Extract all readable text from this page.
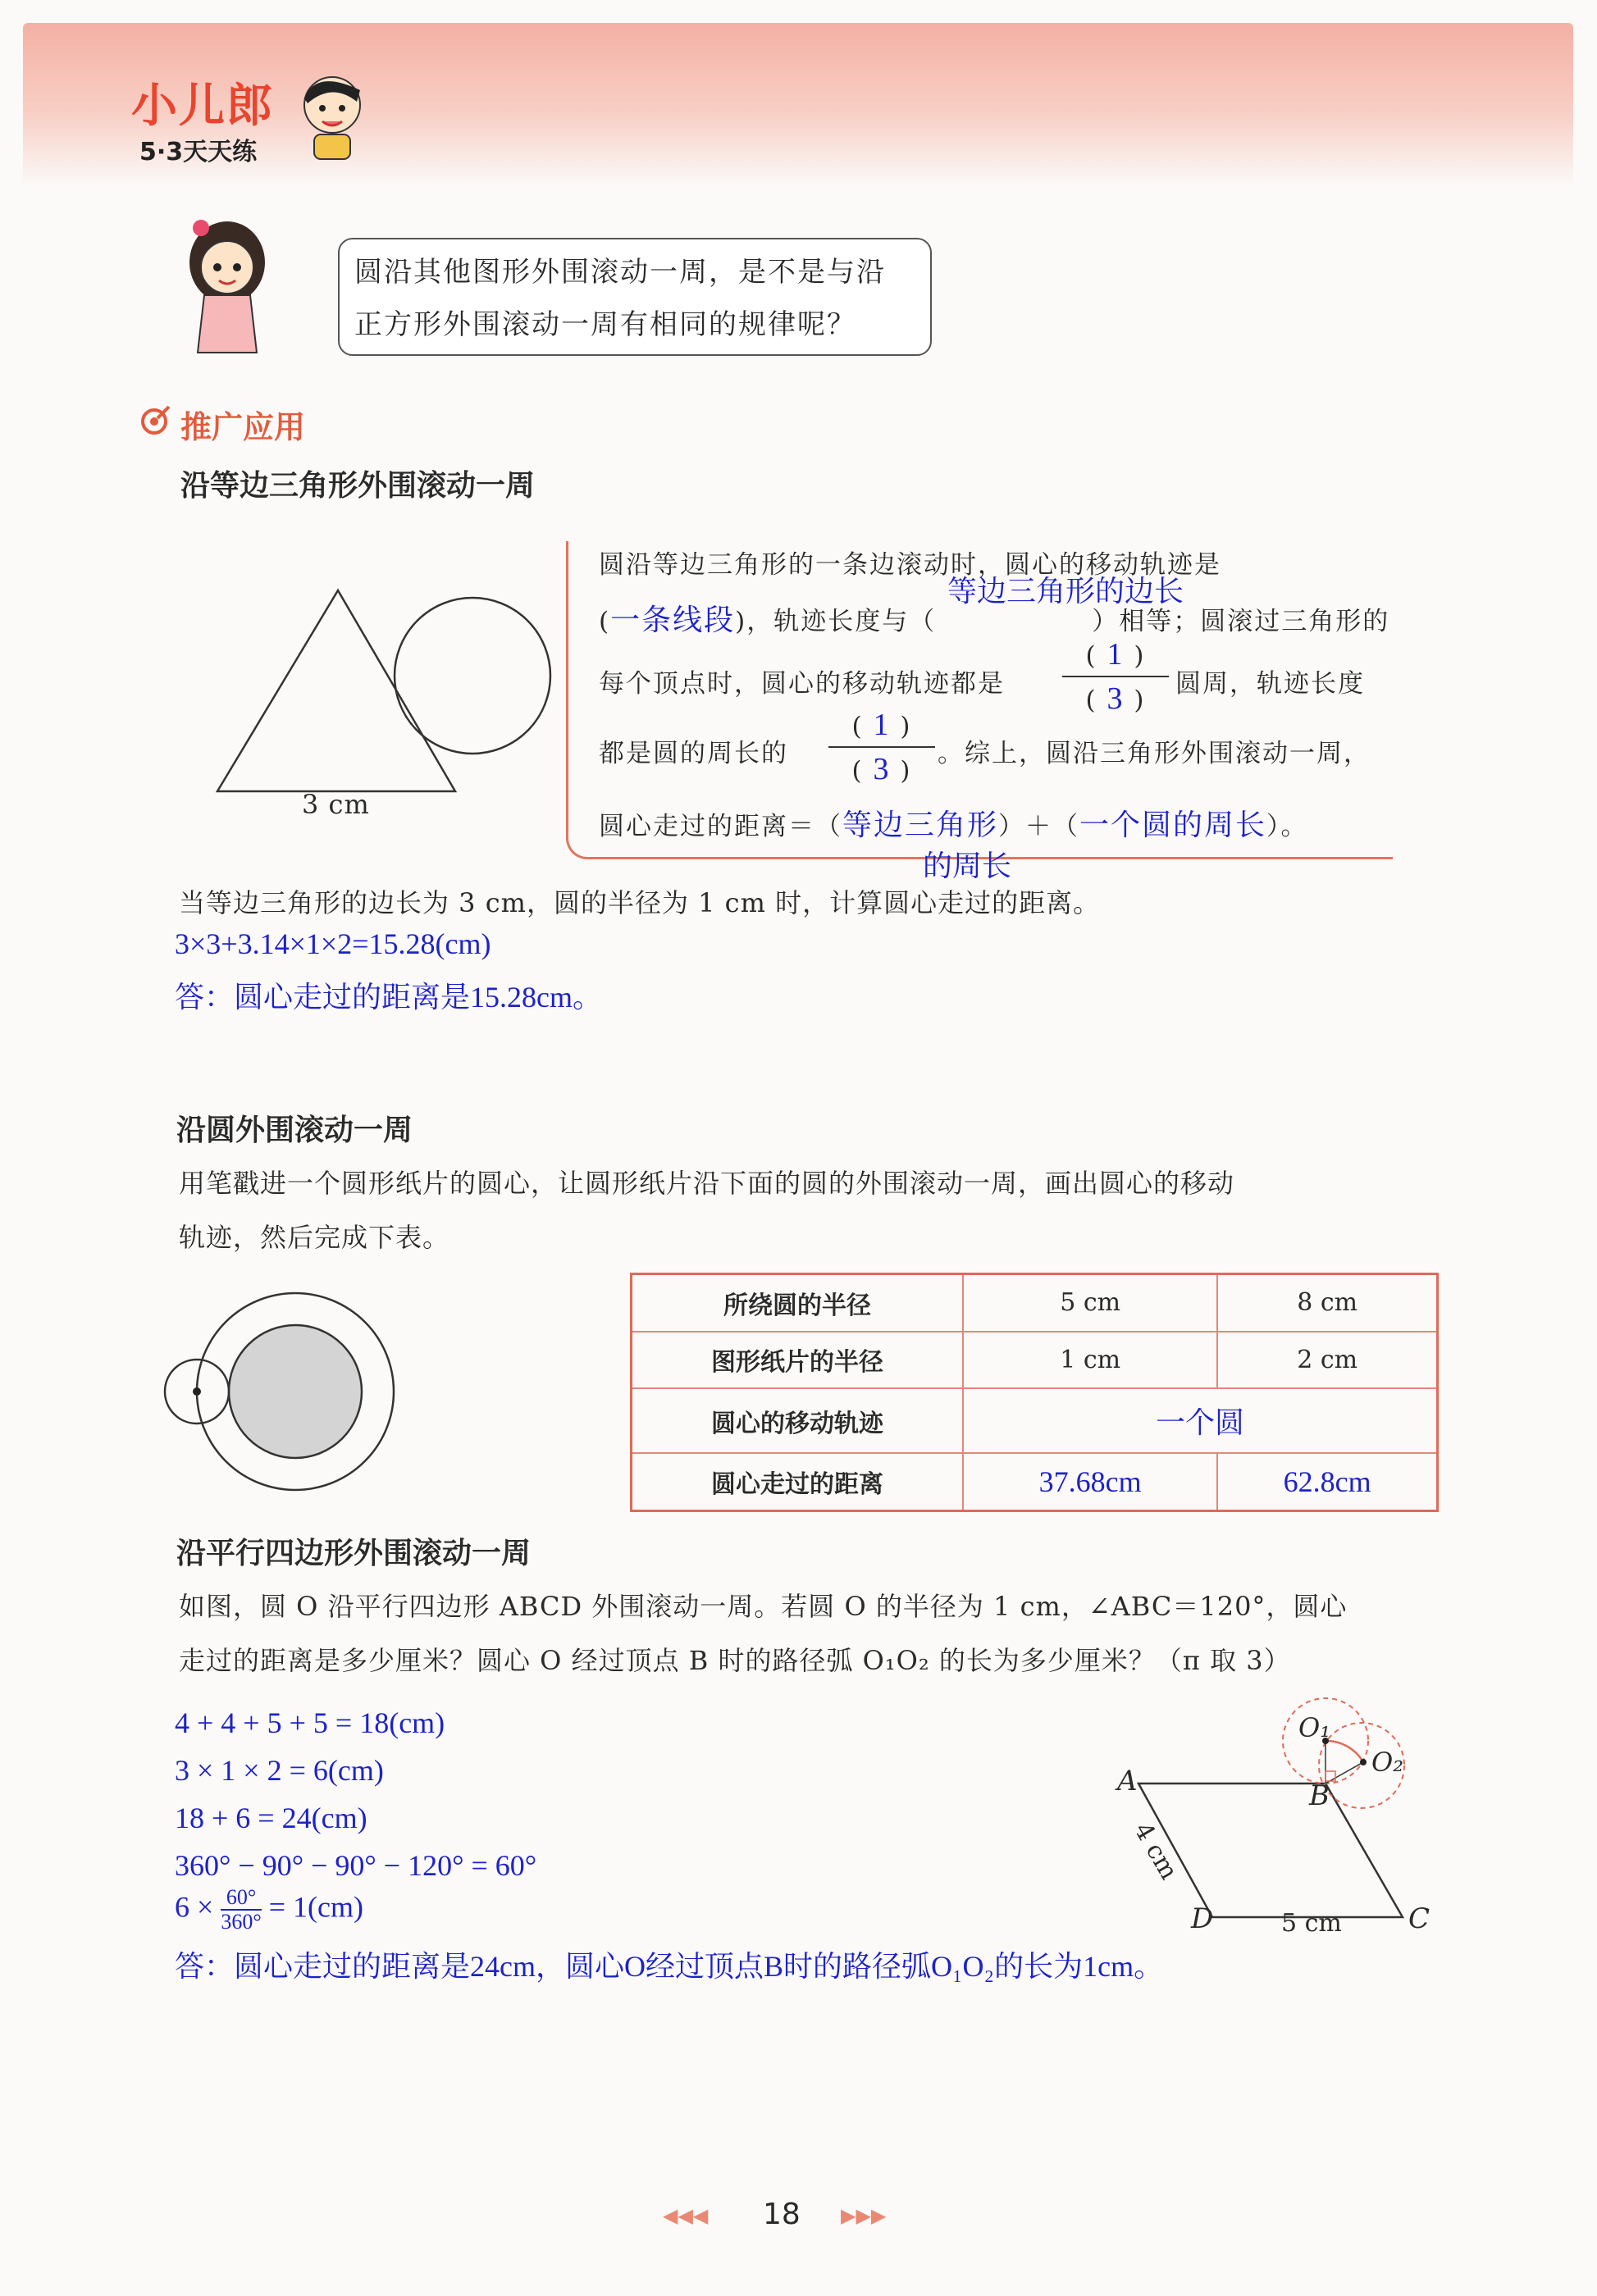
小儿郎
5·3天天练
圆沿其他图形外围滚动一周，是不是与沿
正方形外围滚动一周有相同的规律呢？
推广应用
沿等边三角形外围滚动一周
3 cm
圆沿等边三角形的一条边滚动时，圆心的移动轨迹是
(一条线段)，轨迹长度与（	）相等；圆滚过三角形的
等边三角形的边长
每个顶点时，圆心的移动轨迹都是
( 1 )
( 3 )
圆周，轨迹长度
都是圆的周长的
( 1 )
( 3 )
。综上，圆沿三角形外围滚动一周，
圆心走过的距离＝（等边三角形）＋（一个圆的周长）。
的周长
当等边三角形的边长为 3 cm，圆的半径为 1 cm 时，计算圆心走过的距离。
3×3+3.14×1×2=15.28(cm)
答：圆心走过的距离是15.28cm。
沿圆外围滚动一周
用笔戳进一个圆形纸片的圆心，让圆形纸片沿下面的圆的外围滚动一周，画出圆心的移动
轨迹，然后完成下表。
所绕圆的半径	5 cm	8 cm
图形纸片的半径	1 cm	2 cm
圆心的移动轨迹	一个圆	
圆心走过的距离	37.68cm	62.8cm
沿平行四边形外围滚动一周
如图，圆 O 沿平行四边形 ABCD 外围滚动一周。若圆 O 的半径为 1 cm，∠ABC＝120°，圆心
走过的距离是多少厘米？圆心 O 经过顶点 B 时的路径弧 O₁O₂ 的长为多少厘米？（π 取 3）
4 + 4 + 5 + 5 = 18(cm)
3 × 1 × 2 = 6(cm)
18 + 6 = 24(cm)
360° − 90° − 90° − 120° = 60°
$6 \times \frac{60^\circ}{360^\circ} = 1(cm)$
答：圆心走过的距离是24cm，圆心O经过顶点B时的路径弧O₁O₂的长为1cm。
A	B
C
D
O₁
O₂
4 cm
5 cm
◀◀◀ 18 ▶▶▶
